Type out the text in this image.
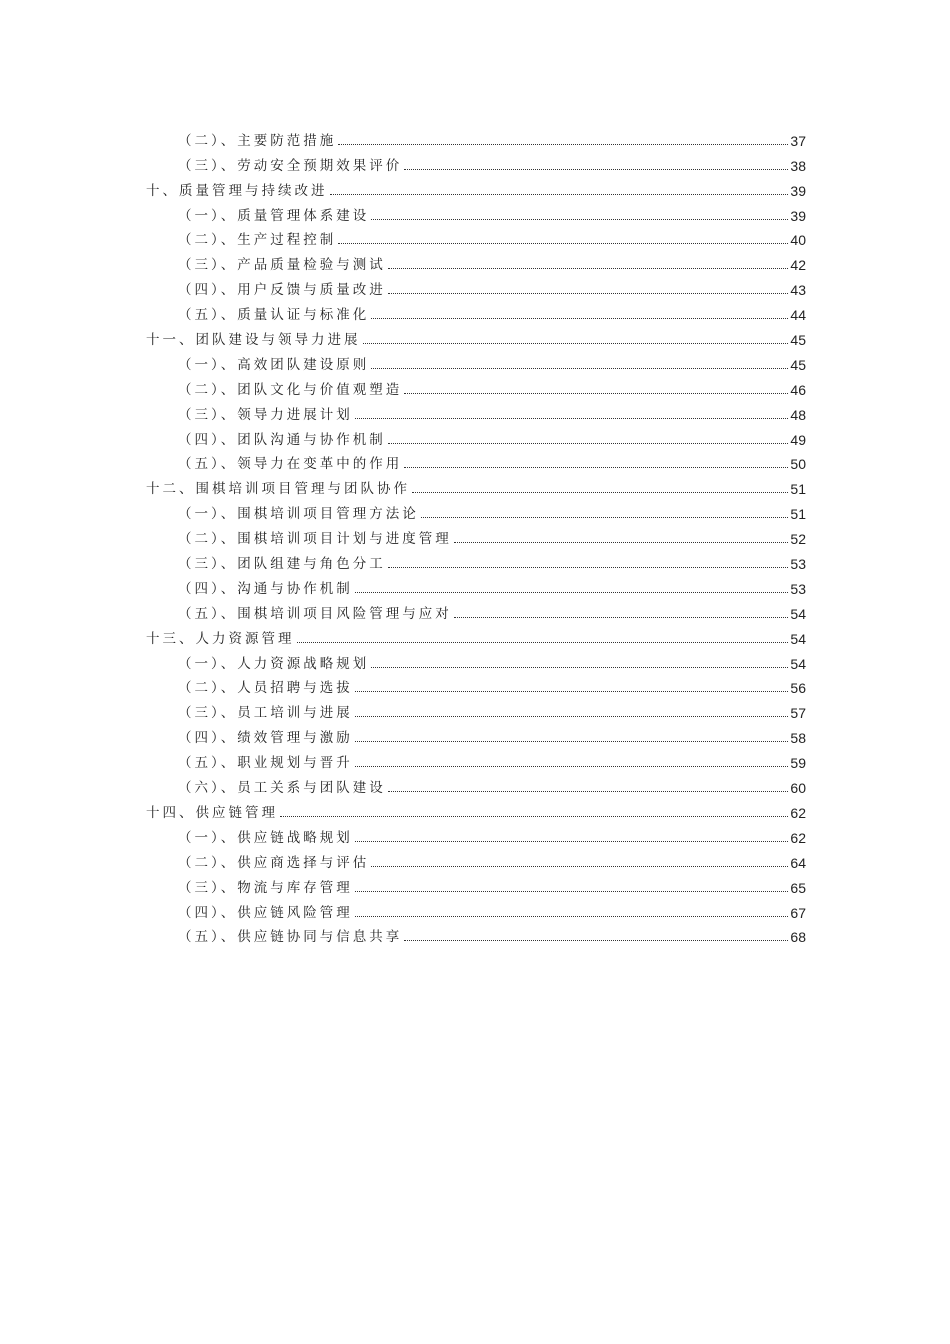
（二）、主要防范措施	37
（三）、劳动安全预期效果评价	38
十、质量管理与持续改进	39
（一）、质量管理体系建设	39
（二）、生产过程控制	40
（三）、产品质量检验与测试	42
（四）、用户反馈与质量改进	43
（五）、质量认证与标准化	44
十一、团队建设与领导力进展	45
（一）、高效团队建设原则	45
（二）、团队文化与价值观塑造	46
（三）、领导力进展计划	48
（四）、团队沟通与协作机制	49
（五）、领导力在变革中的作用	50
十二、围棋培训项目管理与团队协作	51
（一）、围棋培训项目管理方法论	51
（二）、围棋培训项目计划与进度管理	52
（三）、团队组建与角色分工	53
（四）、沟通与协作机制	53
（五）、围棋培训项目风险管理与应对	54
十三、人力资源管理	54
（一）、人力资源战略规划	54
（二）、人员招聘与选拔	56
（三）、员工培训与进展	57
（四）、绩效管理与激励	58
（五）、职业规划与晋升	59
（六）、员工关系与团队建设	60
十四、供应链管理	62
（一）、供应链战略规划	62
（二）、供应商选择与评估	64
（三）、物流与库存管理	65
（四）、供应链风险管理	67
（五）、供应链协同与信息共享	68
